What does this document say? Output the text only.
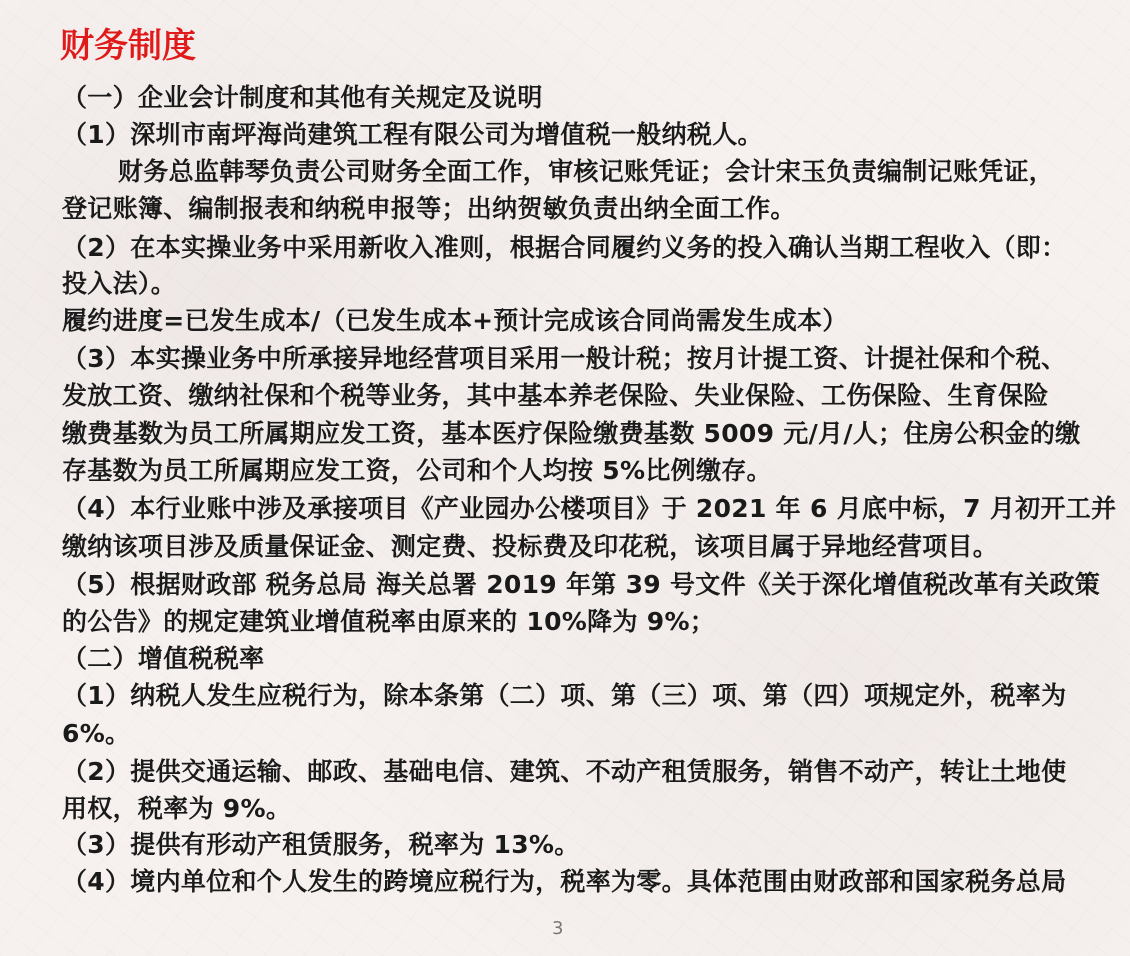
财务制度
（一）企业会计制度和其他有关规定及说明
（1）深圳市南坪海尚建筑工程有限公司为增值税一般纳税人。
财务总监韩琴负责公司财务全面工作，审核记账凭证；会计宋玉负责编制记账凭证，
登记账簿、编制报表和纳税申报等；出纳贺敏负责出纳全面工作。
（2）在本实操业务中采用新收入准则，根据合同履约义务的投入确认当期工程收入（即：
投入法）。
履约进度=已发生成本/（已发生成本+预计完成该合同尚需发生成本）
（3）本实操业务中所承接异地经营项目采用一般计税；按月计提工资、计提社保和个税、
发放工资、缴纳社保和个税等业务，其中基本养老保险、失业保险、工伤保险、生育保险
缴费基数为员工所属期应发工资，基本医疗保险缴费基数 5009 元/月/人；住房公积金的缴
存基数为员工所属期应发工资，公司和个人均按 5%比例缴存。
（4）本行业账中涉及承接项目《产业园办公楼项目》于 2021 年 6 月底中标，7 月初开工并
缴纳该项目涉及质量保证金、测定费、投标费及印花税，该项目属于异地经营项目。
（5）根据财政部 税务总局 海关总署 2019 年第 39 号文件《关于深化增值税改革有关政策
的公告》的规定建筑业增值税率由原来的 10%降为 9%；
（二）增值税税率
（1）纳税人发生应税行为，除本条第（二）项、第（三）项、第（四）项规定外，税率为
6%。
（2）提供交通运输、邮政、基础电信、建筑、不动产租赁服务，销售不动产，转让土地使
用权，税率为 9%。
（3）提供有形动产租赁服务，税率为 13%。
（4）境内单位和个人发生的跨境应税行为，税率为零。具体范围由财政部和国家税务总局
3
